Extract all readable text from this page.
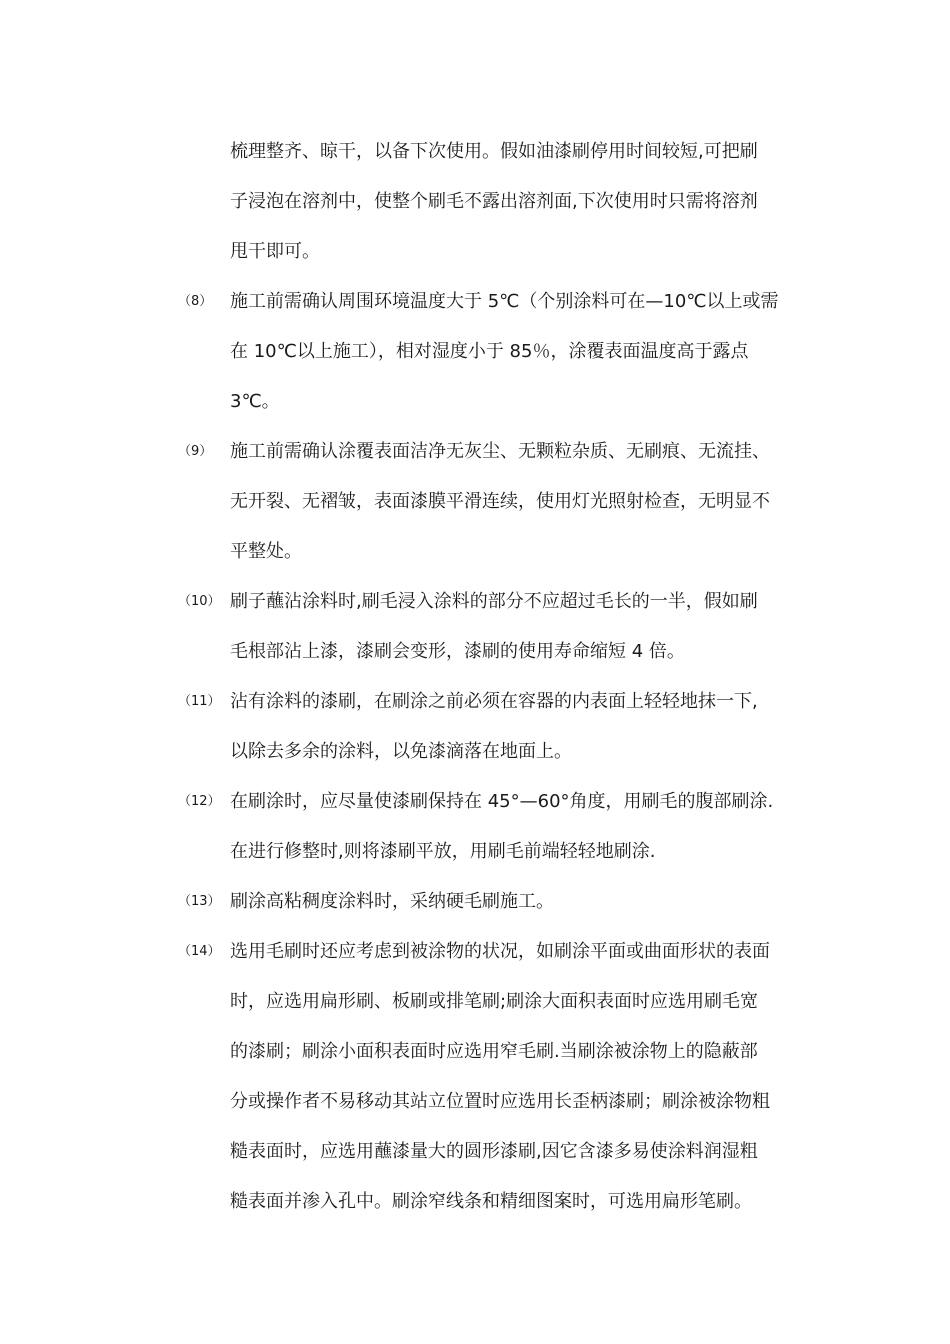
梳理整齐、晾干，以备下次使用。假如油漆刷停用时间较短,可把刷
子浸泡在溶剂中，使整个刷毛不露出溶剂面,下次使用时只需将溶剂
甩干即可。
（8） 施工前需确认周围环境温度大于 5℃（个别涂料可在—10℃以上或需
在 10℃以上施工），相对湿度小于 85％，涂覆表面温度高于露点
3℃。
（9） 施工前需确认涂覆表面洁净无灰尘、无颗粒杂质、无刷痕、无流挂、
无开裂、无褶皱，表面漆膜平滑连续，使用灯光照射检查，无明显不
平整处。
（10） 刷子蘸沾涂料时,刷毛浸入涂料的部分不应超过毛长的一半，假如刷
毛根部沾上漆，漆刷会变形，漆刷的使用寿命缩短 4 倍。
（11） 沾有涂料的漆刷，在刷涂之前必须在容器的内表面上轻轻地抹一下,
以除去多余的涂料，以免漆滴落在地面上。
（12） 在刷涂时，应尽量使漆刷保持在 45°—60°角度，用刷毛的腹部刷涂.
在进行修整时,则将漆刷平放，用刷毛前端轻轻地刷涂.
（13） 刷涂高粘稠度涂料时，采纳硬毛刷施工。
（14） 选用毛刷时还应考虑到被涂物的状况，如刷涂平面或曲面形状的表面
时，应选用扁形刷、板刷或排笔刷;刷涂大面积表面时应选用刷毛宽
的漆刷；刷涂小面积表面时应选用窄毛刷.当刷涂被涂物上的隐蔽部
分或操作者不易移动其站立位置时应选用长歪柄漆刷；刷涂被涂物粗
糙表面时，应选用蘸漆量大的圆形漆刷,因它含漆多易使涂料润湿粗
糙表面并渗入孔中。刷涂窄线条和精细图案时，可选用扁形笔刷。
